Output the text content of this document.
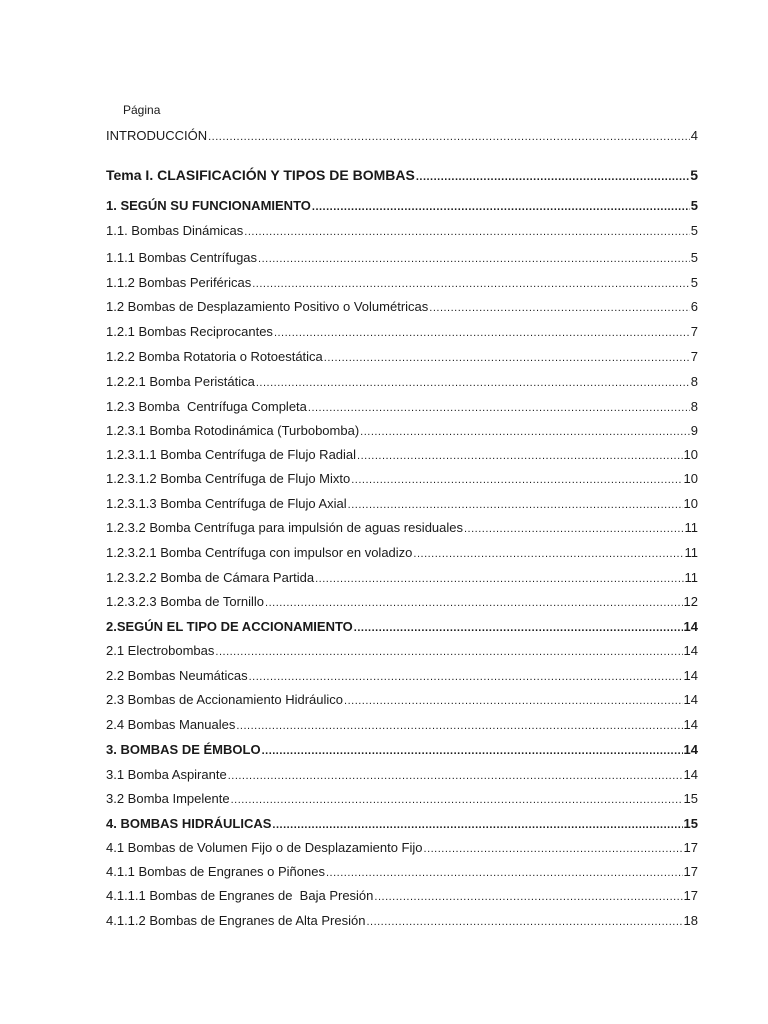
Página
INTRODUCCIÓN .....	4
Tema I. CLASIFICACIÓN Y TIPOS DE BOMBAS .....	5
1. SEGÚN SU FUNCIONAMIENTO .....	5
1.1. Bombas Dinámicas .....	5
1.1.1 Bombas Centrífugas .....	5
1.1.2 Bombas Periféricas .....	5
1.2 Bombas de Desplazamiento Positivo o Volumétricas .....	6
1.2.1 Bombas Reciprocantes .....	7
1.2.2 Bomba Rotatoria o Rotoestática .....	7
1.2.2.1 Bomba Peristática .....	8
1.2.3 Bomba  Centrífuga Completa .....	8
1.2.3.1 Bomba Rotodinámica (Turbobomba) .....	9
1.2.3.1.1 Bomba Centrífuga de Flujo Radial .....	10
1.2.3.1.2 Bomba Centrífuga de Flujo Mixto .....	10
1.2.3.1.3 Bomba Centrífuga de Flujo Axial .....	10
1.2.3.2 Bomba Centrífuga para impulsión de aguas residuales .....	11
1.2.3.2.1 Bomba Centrífuga con impulsor en voladizo .....	11
1.2.3.2.2 Bomba de Cámara Partida .....	11
1.2.3.2.3 Bomba de Tornillo .....	12
2.SEGÚN EL TIPO DE ACCIONAMIENTO .....	14
2.1 Electrobombas .....	14
2.2 Bombas Neumáticas .....	14
2.3 Bombas de Accionamiento Hidráulico .....	14
2.4 Bombas Manuales .....	14
3. BOMBAS DE ÉMBOLO .....	14
3.1 Bomba Aspirante .....	14
3.2 Bomba Impelente .....	15
4. BOMBAS HIDRÁULICAS .....	15
4.1 Bombas de Volumen Fijo o de Desplazamiento Fijo .....	17
4.1.1 Bombas de Engranes o Piñones .....	17
4.1.1.1 Bombas de Engranes de  Baja Presión .....	17
4.1.1.2 Bombas de Engranes de Alta Presión .....	18
